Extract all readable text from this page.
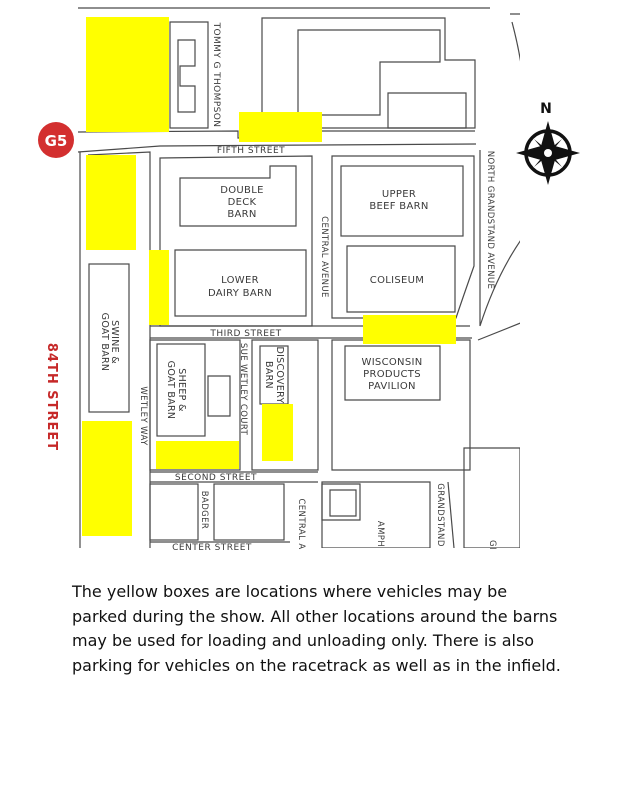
FIFTH STREET
THIRD STREET
SECOND STREET
CENTER STREET
CENTRAL AVENUE
CENTRAL A
NORTH GRANDSTAND AVENUE
SUE WETLEY COURT
WETLEY WAY
TOMMY G THOMPSON
BADGER	GRANDSTAND
AMPH	GI
84TH STREET
DOUBLE
DECK
BARN
UPPER
BEEF BARN
LOWER
DAIRY BARN
COLISEUM
WISCONSIN
PRODUCTS
PAVILION
SWINE &
GOAT BARN
SHEEP &
GOAT BARN	DISCOVERY
BARN
G5
N

The yellow boxes are locations where vehicles may be parked during the show. All other locations around the barns may be used for loading and unloading only. There is also parking for vehicles on the racetrack as well as in the infield.
